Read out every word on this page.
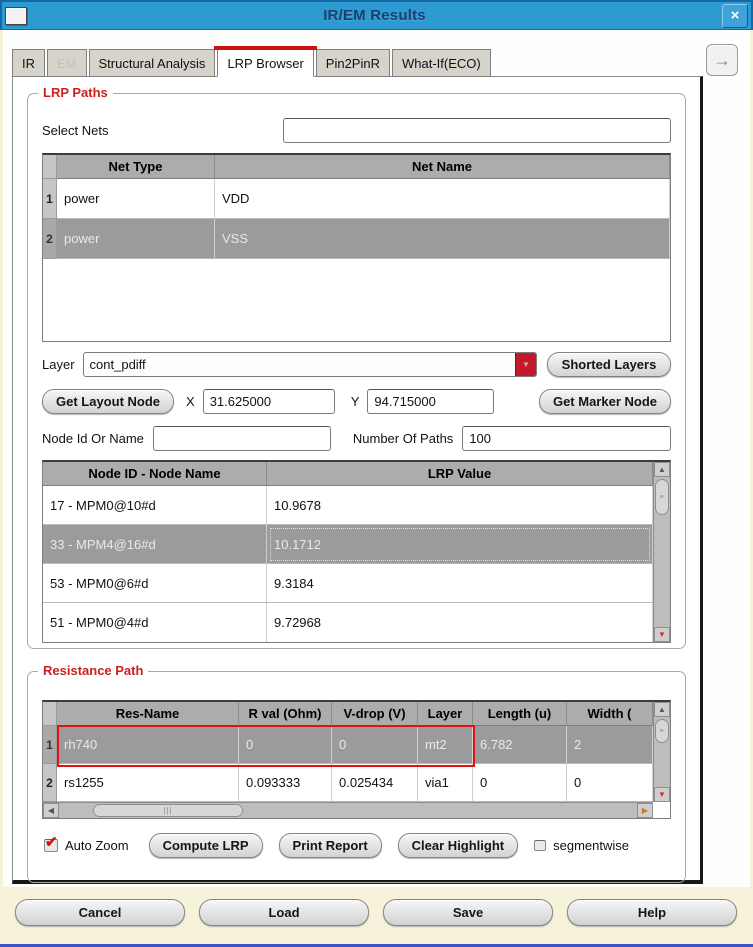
IR/EM Results	×
IR	EM	Structural Analysis	LRP Browser	Pin2PinR	What-If(ECO)	→
LRP Paths
Select Nets
Net Type	Net Name
1 power	VDD
2 power	VSS
Layer	cont_pdiff	▼	Shorted Layers
Get Layout Node	X
31.625000	Y
94.715000	Get Marker Node
Node Id Or Name	Number Of Paths
100
Node ID - Node Name	LRP Value	▲
≡
▼
17 - MPM0@10#d	10.9678
33 - MPM4@16#d	10.1712
53 - MPM0@6#d	9.3184
51 - MPM0@4#d	9.72968
Resistance Path
Res-Name	R val (Ohm)	V-drop (V)	Layer	Length (u)	Width (	▲
≡
▼
1 rh740	0	0	mt2	6.782	2
2 rs1255	0.093333	0.025434	via1	0	0
◀	|||	▶
✔ Auto Zoom	Compute LRP	Print Report	Clear Highlight	segmentwise
Cancel	Load	Save	Help
